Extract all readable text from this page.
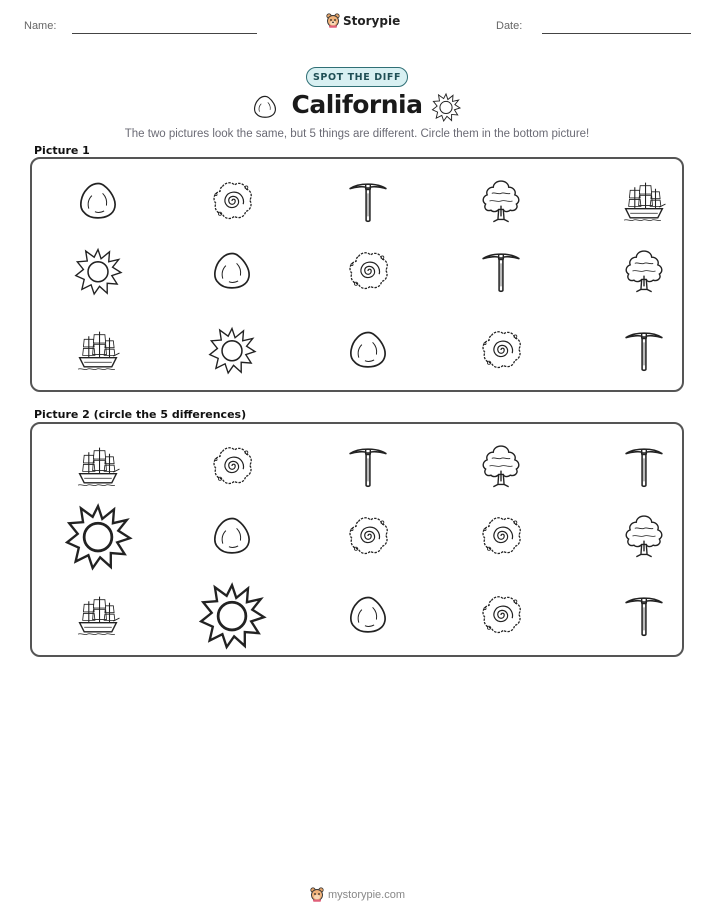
Name:	Storypie	Date:
SPOT THE DIFF
California
The two pictures look the same, but 5 things are different. Circle them in the bottom picture!
Picture 1
Picture 2 (circle the 5 differences)
mystorypie.com
